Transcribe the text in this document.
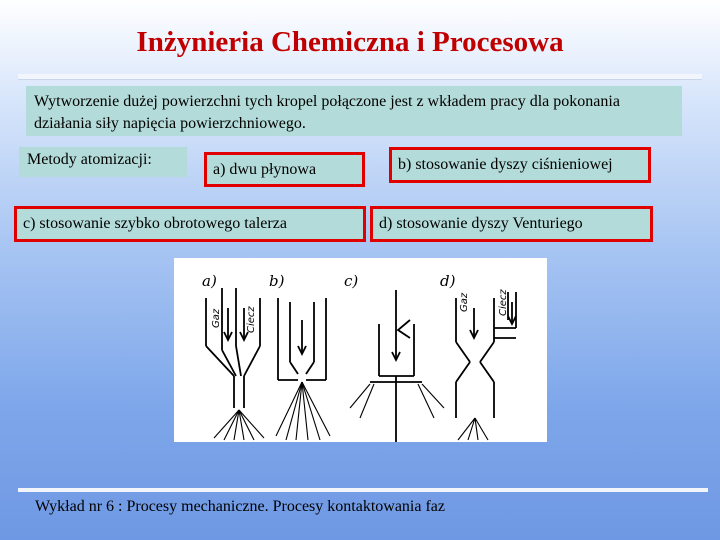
Inżynieria Chemiczna i Procesowa
Wytworzenie dużej powierzchni tych kropel połączone jest z wkładem pracy dla pokonania działania siły napięcia powierzchniowego.
Metody atomizacji:
a) dwu płynowa	b) stosowanie dyszy ciśnieniowej
c) stosowanie szybko obrotowego talerza	d) stosowanie dyszy Venturiego
a)	b)	c)	d)
Gaz Ciecz
Gaz	Ciecz
Wykład nr 6 : Procesy mechaniczne. Procesy kontaktowania faz
